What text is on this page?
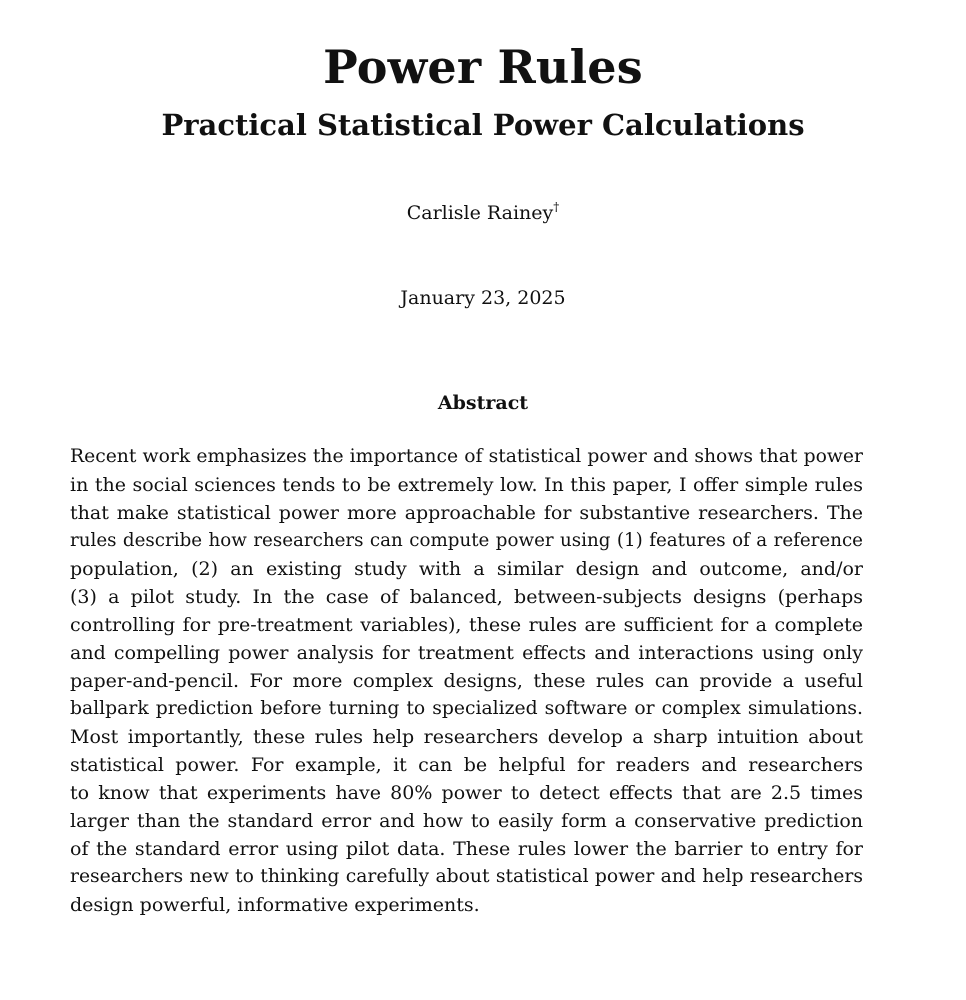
Power Rules
Practical Statistical Power Calculations
Carlisle Rainey†
January 23, 2025
Abstract
Recent work emphasizes the importance of statistical power and shows that power
in the social sciences tends to be extremely low. In this paper, I offer simple rules
that make statistical power more approachable for substantive researchers. The
rules describe how researchers can compute power using (1) features of a reference
population, (2) an existing study with a similar design and outcome, and/or
(3) a pilot study. In the case of balanced, between-subjects designs (perhaps
controlling for pre-treatment variables), these rules are sufficient for a complete
and compelling power analysis for treatment effects and interactions using only
paper-and-pencil. For more complex designs, these rules can provide a useful
ballpark prediction before turning to specialized software or complex simulations.
Most importantly, these rules help researchers develop a sharp intuition about
statistical power. For example, it can be helpful for readers and researchers
to know that experiments have 80% power to detect effects that are 2.5 times
larger than the standard error and how to easily form a conservative prediction
of the standard error using pilot data. These rules lower the barrier to entry for
researchers new to thinking carefully about statistical power and help researchers
design powerful, informative experiments.
